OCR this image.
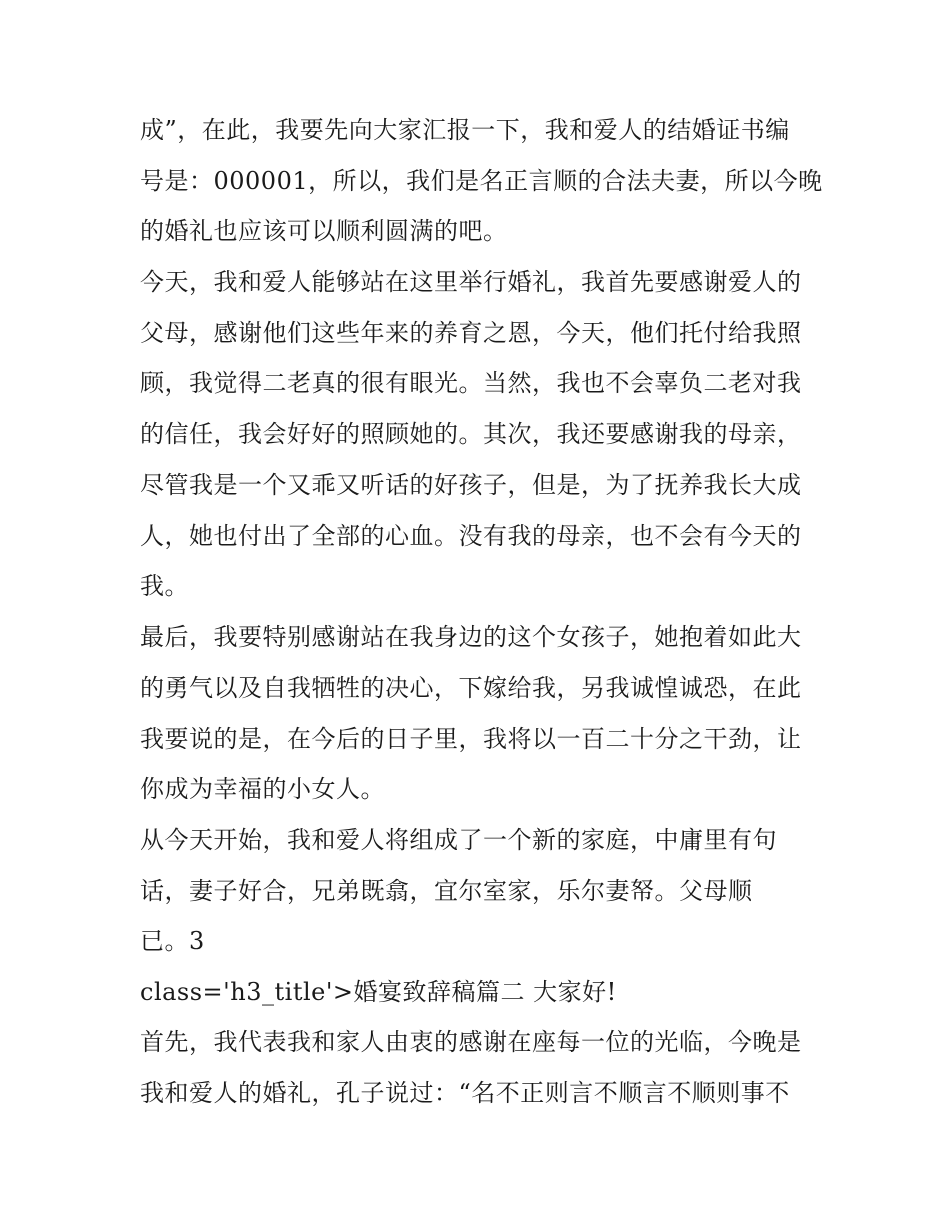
成”，在此，我要先向大家汇报一下，我和爱人的结婚证书编
号是：000001，所以，我们是名正言顺的合法夫妻，所以今晚
的婚礼也应该可以顺利圆满的吧。
今天，我和爱人能够站在这里举行婚礼，我首先要感谢爱人的
父母，感谢他们这些年来的养育之恩，今天，他们托付给我照
顾，我觉得二老真的很有眼光。当然，我也不会辜负二老对我
的信任，我会好好的照顾她的。其次，我还要感谢我的母亲，
尽管我是一个又乖又听话的好孩子，但是，为了抚养我长大成
人，她也付出了全部的心血。没有我的母亲，也不会有今天的
我。
最后，我要特别感谢站在我身边的这个女孩子，她抱着如此大
的勇气以及自我牺牲的决心，下嫁给我，另我诚惶诚恐，在此
我要说的是，在今后的日子里，我将以一百二十分之干劲，让
你成为幸福的小女人。
从今天开始，我和爱人将组成了一个新的家庭，中庸里有句
话，妻子好合，兄弟既翕，宜尔室家，乐尔妻帑。父母顺
已。3
class='h3_title'>婚宴致辞稿篇二 大家好!
首先，我代表我和家人由衷的感谢在座每一位的光临，今晚是
我和爱人的婚礼，孔子说过：“名不正则言不顺言不顺则事不
